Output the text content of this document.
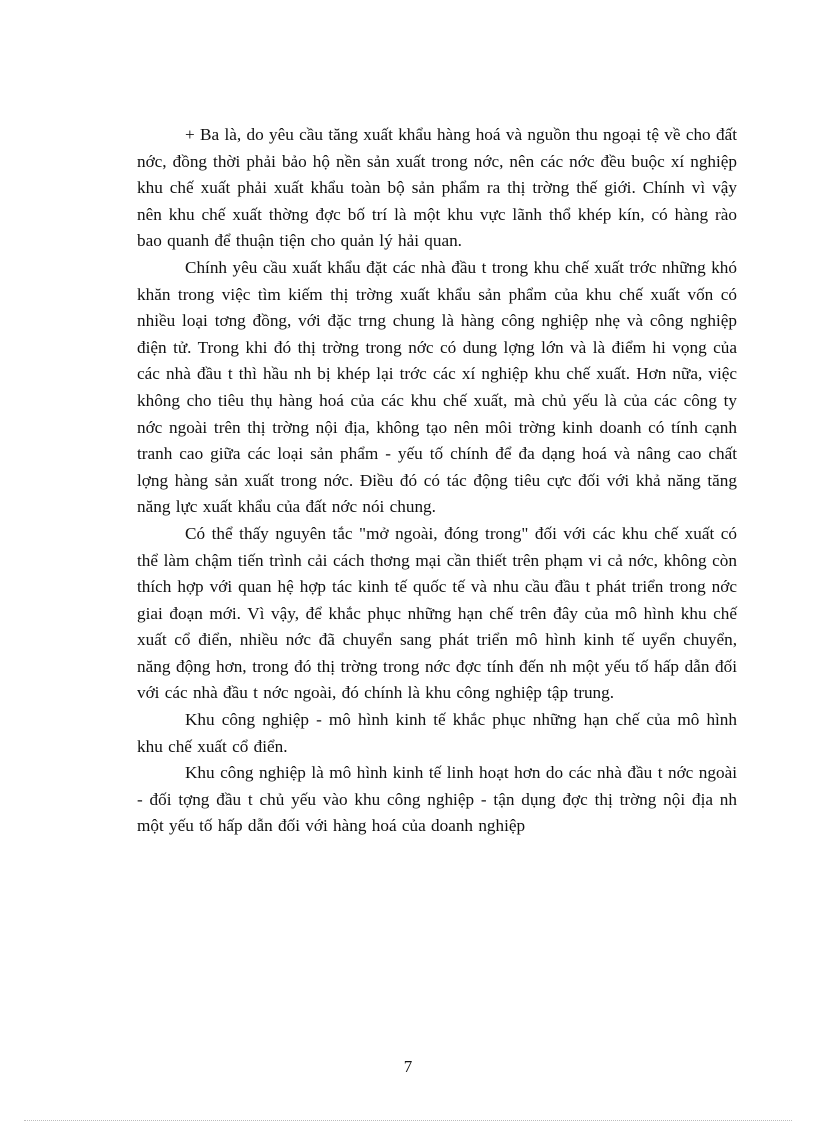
+ Ba là, do yêu cầu tăng xuất khẩu hàng hoá và nguồn thu ngoại tệ về cho đất nớc, đồng thời phải bảo hộ nền sản xuất trong nớc, nên các nớc đều buộc xí nghiệp khu chế xuất phải xuất khẩu toàn bộ sản phẩm ra thị trờng thế giới. Chính vì vậy nên khu chế xuất thờng đợc bố trí là một khu vực lãnh thổ khép kín, có hàng rào bao quanh để thuận tiện cho quản lý hải quan.

Chính yêu cầu xuất khẩu đặt các nhà đầu t trong khu chế xuất trớc những khó khăn trong việc tìm kiếm thị trờng xuất khẩu sản phẩm của khu chế xuất vốn có nhiều loại tơng đồng, với đặc trng chung là hàng công nghiệp nhẹ và công nghiệp điện tử. Trong khi đó thị trờng trong nớc có dung lợng lớn và là điểm hi vọng của các nhà đầu t thì hầu nh bị khép lại trớc các xí nghiệp khu chế xuất. Hơn nữa, việc không cho tiêu thụ hàng hoá của các khu chế xuất, mà chủ yếu là của các công ty nớc ngoài trên thị trờng nội địa, không tạo nên môi trờng kinh doanh có tính cạnh tranh cao giữa các loại sản phẩm - yếu tố chính để đa dạng hoá và nâng cao chất lợng hàng sản xuất trong nớc. Điều đó có tác động tiêu cực đối với khả năng tăng năng lực xuất khẩu của đất nớc nói chung.

Có thể thấy nguyên tắc "mở ngoài, đóng trong" đối với các khu chế xuất có thể làm chậm tiến trình cải cách thơng mại cần thiết trên phạm vi cả nớc, không còn thích hợp với quan hệ hợp tác kinh tế quốc tế và nhu cầu đầu t phát triển trong nớc giai đoạn mới. Vì vậy, để khắc phục những hạn chế trên đây của mô hình khu chế xuất cổ điển, nhiều nớc đã chuyển sang phát triển mô hình kinh tế uyển chuyển, năng động hơn, trong đó thị trờng trong nớc đợc tính đến nh một yếu tố hấp dẫn đối với các nhà đầu t nớc ngoài, đó chính là khu công nghiệp tập trung.

Khu công nghiệp - mô hình kinh tế khắc phục những hạn chế của mô hình khu chế xuất cổ điển.

Khu công nghiệp là mô hình kinh tế linh hoạt hơn do các nhà đầu t nớc ngoài - đối tợng đầu t chủ yếu vào khu công nghiệp - tận dụng đợc thị trờng nội địa nh một yếu tố hấp dẫn đối với hàng hoá của doanh nghiệp

7
